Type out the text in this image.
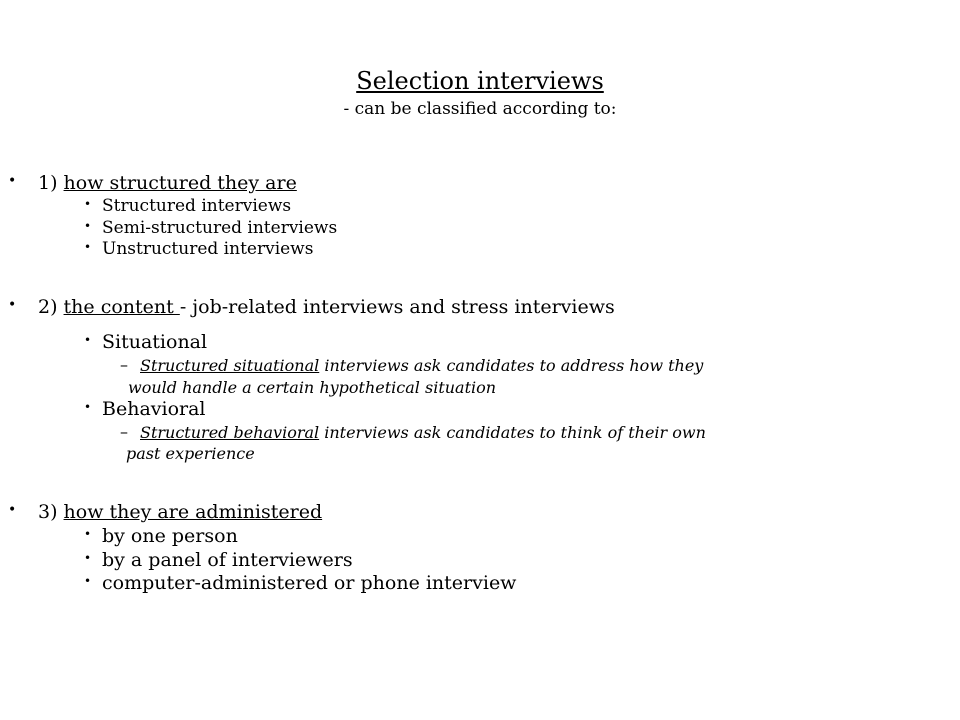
Selection interviews
- can be classified according to:
• 1) how structured they are
• Structured interviews
• Semi-structured interviews
• Unstructured interviews
• 2) the content - job-related interviews and stress interviews
• Situational
– Structured situational interviews ask candidates to address how they
would handle a certain hypothetical situation
• Behavioral
– Structured behavioral interviews ask candidates to think of their own
past experience
• 3) how they are administered
• by one person
• by a panel of interviewers
• computer-administered or phone interview
